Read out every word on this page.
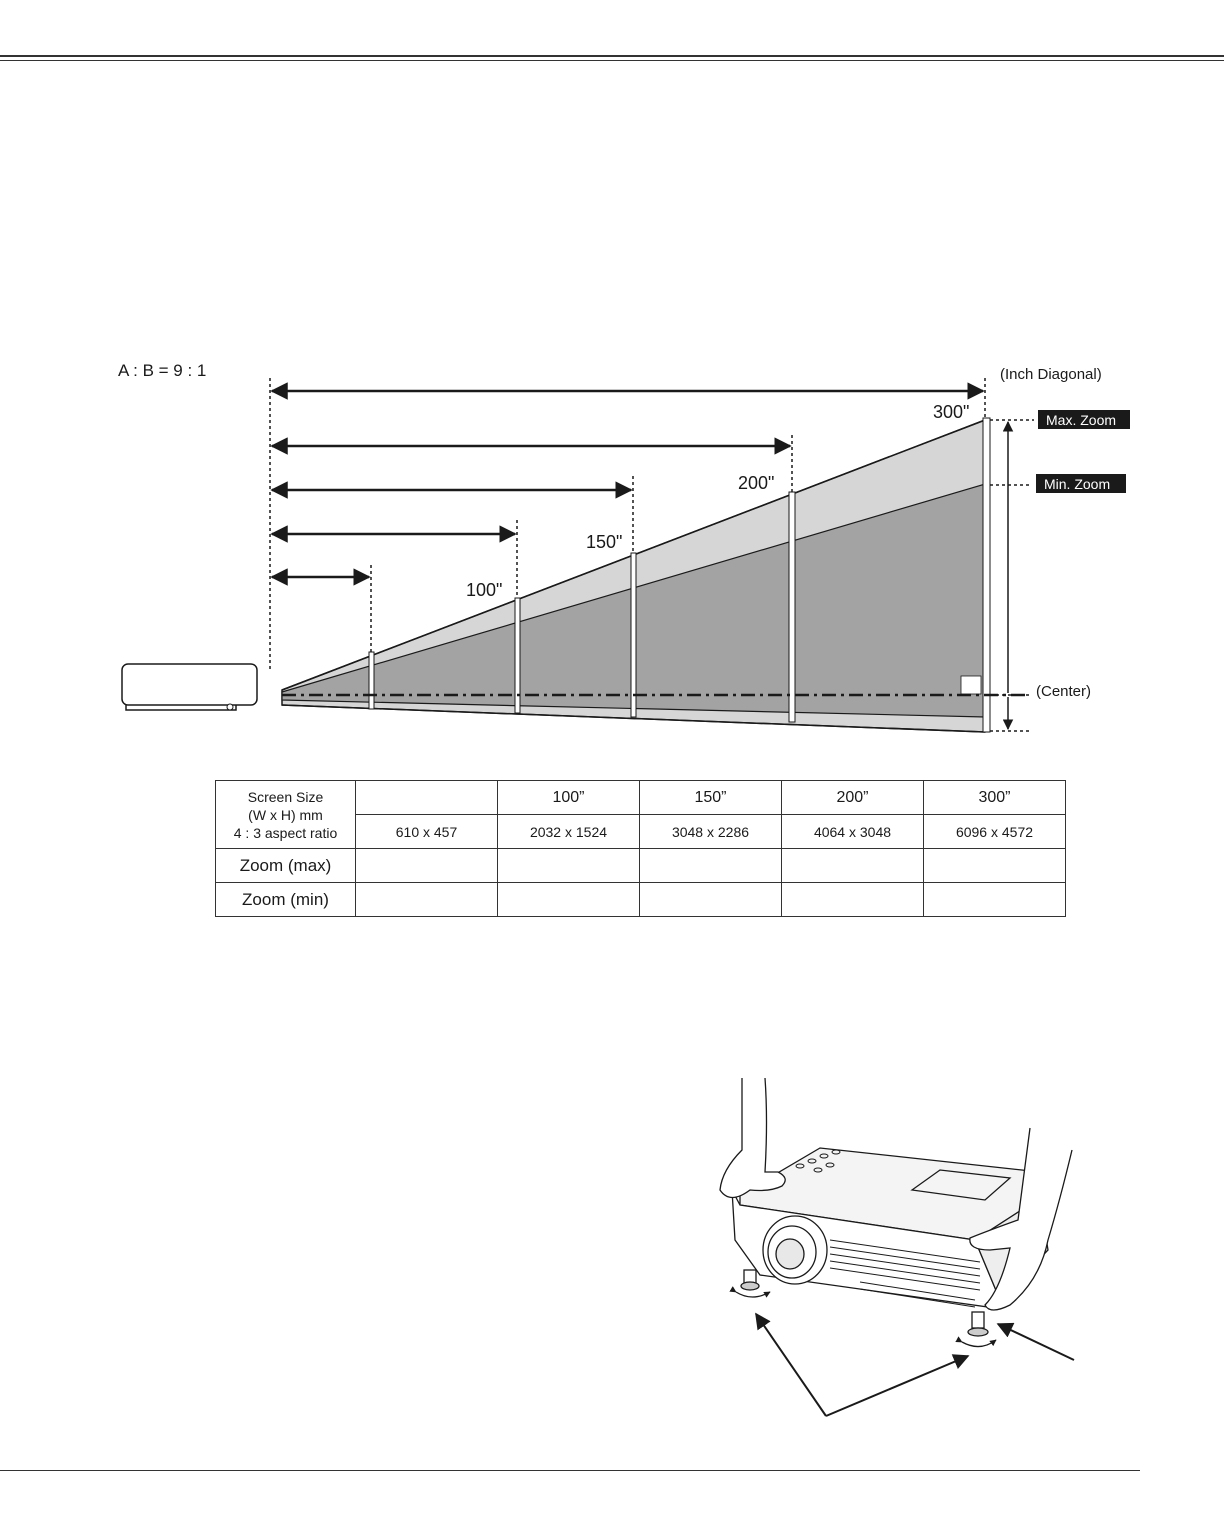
A : B = 9 : 1	(Inch Diagonal)
100"
150"
200"
300"	Max. Zoom
Min. Zoom
(Center)
Screen Size
(W x H) mm
4 : 3 aspect ratio		100”	150”	200”	300”
	610 x 457	2032 x 1524	3048 x 2286	4064 x 3048	6096 x 4572
Zoom (max)					
Zoom (min)					
